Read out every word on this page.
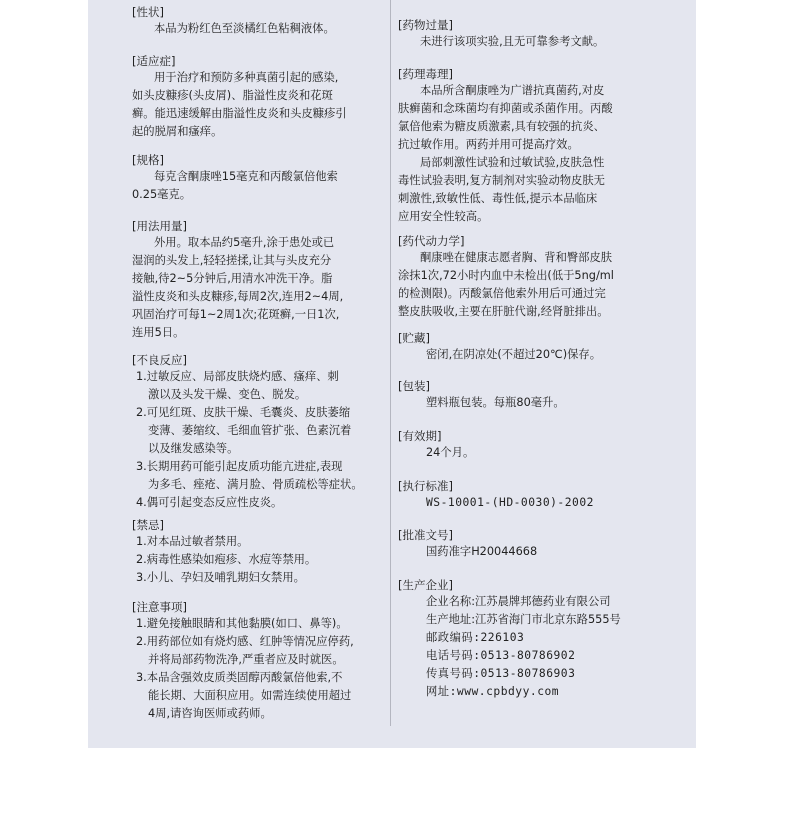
[性状]
本品为粉红色至淡橘红色粘稠液体。
[适应症]
用于治疗和预防多种真菌引起的感染,
如头皮糠疹(头皮屑)、脂溢性皮炎和花斑
癣。能迅速缓解由脂溢性皮炎和头皮糠疹引
起的脱屑和瘙痒。
[规格]
每克含酮康唑15毫克和丙酸氯倍他索
0.25毫克。
[用法用量]
外用。取本品约5毫升,涂于患处或已
湿润的头发上,轻轻搓揉,让其与头皮充分
接触,待2~5分钟后,用清水冲洗干净。脂
溢性皮炎和头皮糠疹,每周2次,连用2~4周,
巩固治疗可每1~2周1次;花斑癣,一日1次,
连用5日。
[不良反应]
1.过敏反应、局部皮肤烧灼感、瘙痒、刺
激以及头发干燥、变色、脱发。
2.可见红斑、皮肤干燥、毛囊炎、皮肤萎缩
变薄、萎缩纹、毛细血管扩张、色素沉着
以及继发感染等。
3.长期用药可能引起皮质功能亢进症,表现
为多毛、痤疮、满月脸、骨质疏松等症状。
4.偶可引起变态反应性皮炎。
[禁忌]
1.对本品过敏者禁用。
2.病毒性感染如疱疹、水痘等禁用。
3.小儿、孕妇及哺乳期妇女禁用。
[注意事项]
1.避免接触眼睛和其他黏膜(如口、鼻等)。
2.用药部位如有烧灼感、红肿等情况应停药,
并将局部药物洗净,严重者应及时就医。
3.本品含强效皮质类固醇丙酸氯倍他索,不
能长期、大面积应用。如需连续使用超过
4周,请咨询医师或药师。
[药物过量]
未进行该项实验,且无可靠参考文献。
[药理毒理]
本品所含酮康唑为广谱抗真菌药,对皮
肤癣菌和念珠菌均有抑菌或杀菌作用。丙酸
氯倍他索为糖皮质激素,具有较强的抗炎、
抗过敏作用。两药并用可提高疗效。
局部刺激性试验和过敏试验,皮肤急性
毒性试验表明,复方制剂对实验动物皮肤无
刺激性,致敏性低、毒性低,提示本品临床
应用安全性较高。
[药代动力学]
酮康唑在健康志愿者胸、背和臀部皮肤
涂抹1次,72小时内血中未检出(低于5ng/ml
的检测限)。丙酸氯倍他索外用后可通过完
整皮肤吸收,主要在肝脏代谢,经肾脏排出。
[贮藏]
密闭,在阴凉处(不超过20℃)保存。
[包装]
塑料瓶包装。每瓶80毫升。
[有效期]
24个月。
[执行标准]
WS-10001-(HD-0030)-2002
[批准文号]
国药准字H20044668
[生产企业]
企业名称:江苏晨牌邦德药业有限公司
生产地址:江苏省海门市北京东路555号
邮政编码:226103
电话号码:0513-80786902
传真号码:0513-80786903
网址:www.cpbdyy.com
